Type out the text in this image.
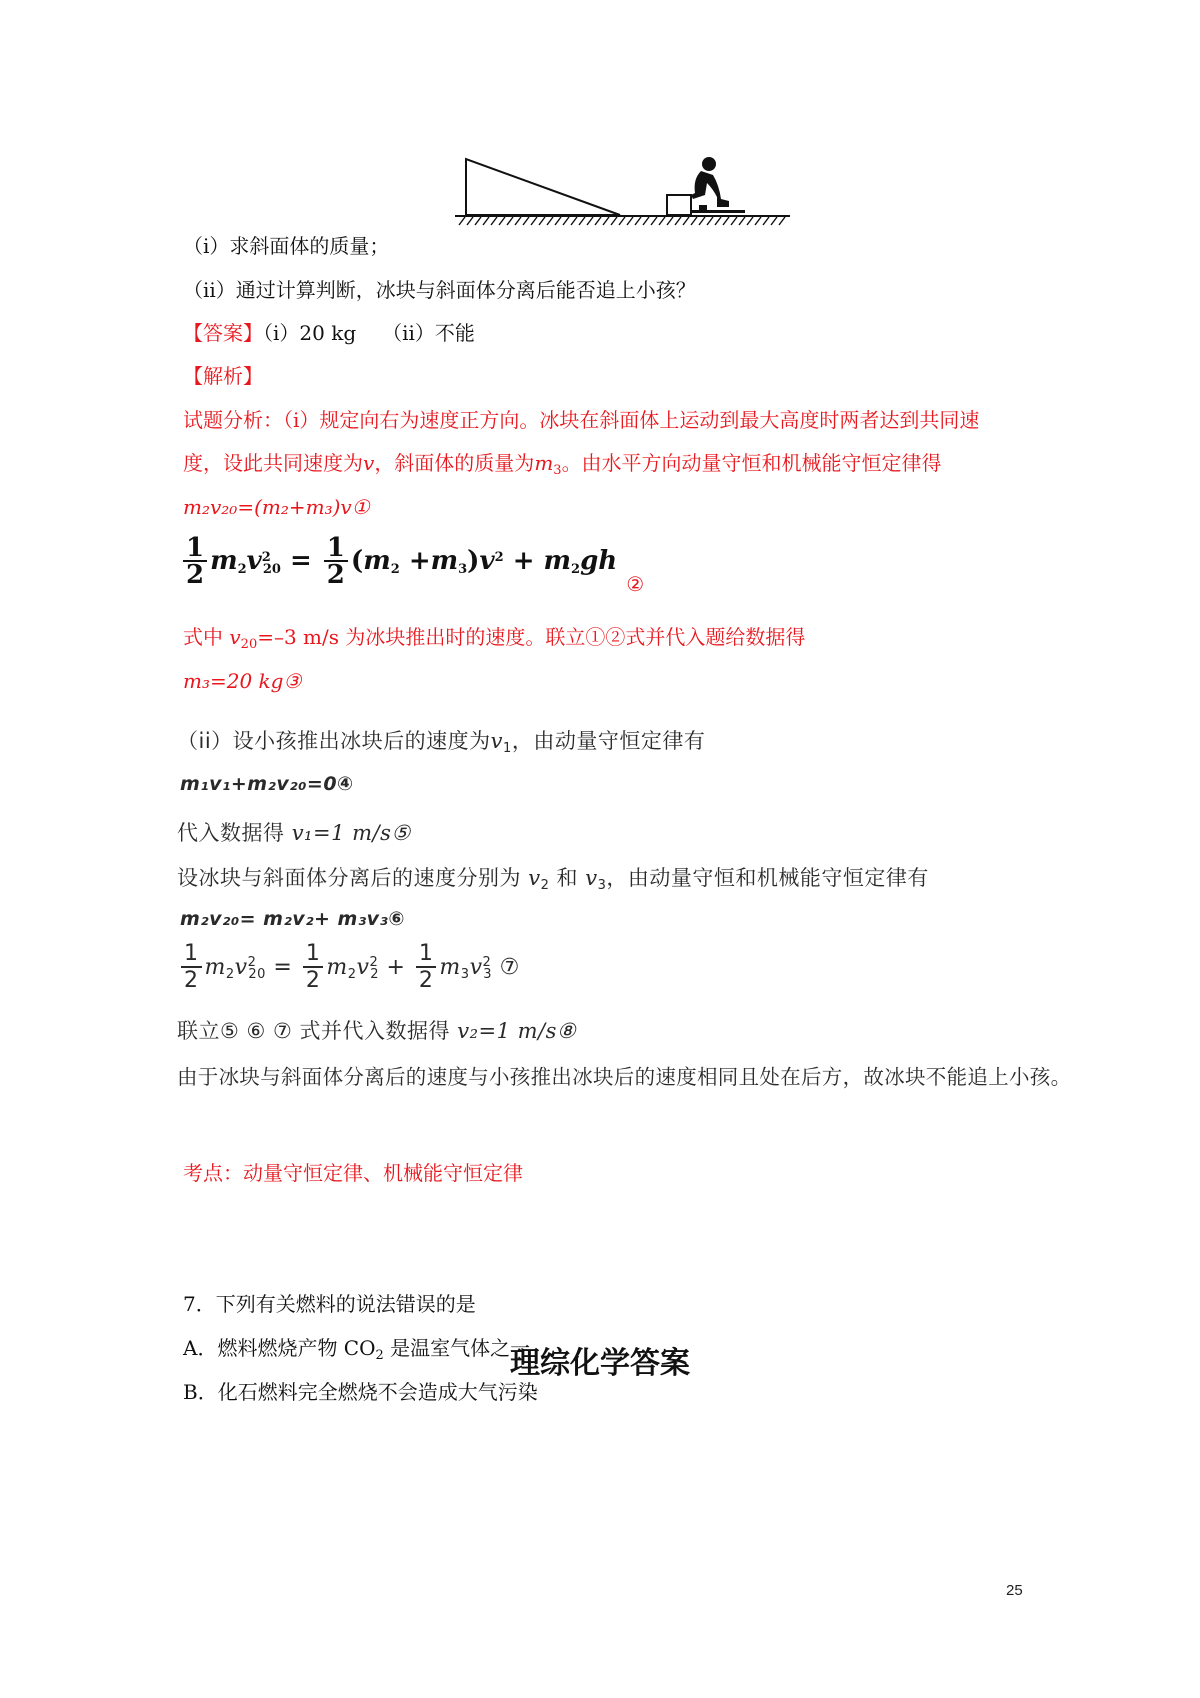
（i）求斜面体的质量；
（ii）通过计算判断，冰块与斜面体分离后能否追上小孩？
【答案】（i）20 kg （ii）不能
【解析】
试题分析：（i）规定向右为速度正方向。冰块在斜面体上运动到最大高度时两者达到共同速
度，设此共同速度为v，斜面体的质量为$m_3$。由水平方向动量守恒和机械能守恒定律得
m₂v₂₀=(m₂+m₃)v①
$\frac{1}{2} m_2v^2_{20} = \frac{1}{2} (m_2 +m_3)v^2 + m_2gh$ ②
式中 $v_{20}=-3$ m/s 为冰块推出时的速度。联立①②式并代入题给数据得
m₃=20 kg③
（ii）设小孩推出冰块后的速度为$v_1$，由动量守恒定律有
m₁v₁+m₂v₂₀=0④
代入数据得 v₁=1 m/s⑤
设冰块与斜面体分离后的速度分别为 $v_2$ 和 $v_3$，由动量守恒和机械能守恒定律有
m₂v₂₀= m₂v₂+ m₃v₃⑥
$\frac{1}{2} m_2v^2_{20} = \frac{1}{2} m_2v^2_2 + \frac{1}{2} m_3v^2_3$ ⑦
联立⑤ ⑥ ⑦ 式并代入数据得 v₂=1 m/s⑧
由于冰块与斜面体分离后的速度与小孩推出冰块后的速度相同且处在后方，故冰块不能追上小孩。
考点：动量守恒定律、机械能守恒定律
理综化学答案
7．下列有关燃料的说法错误的是
A．燃料燃烧产物 $CO_2$ 是温室气体之一
B．化石燃料完全燃烧不会造成大气污染
25
